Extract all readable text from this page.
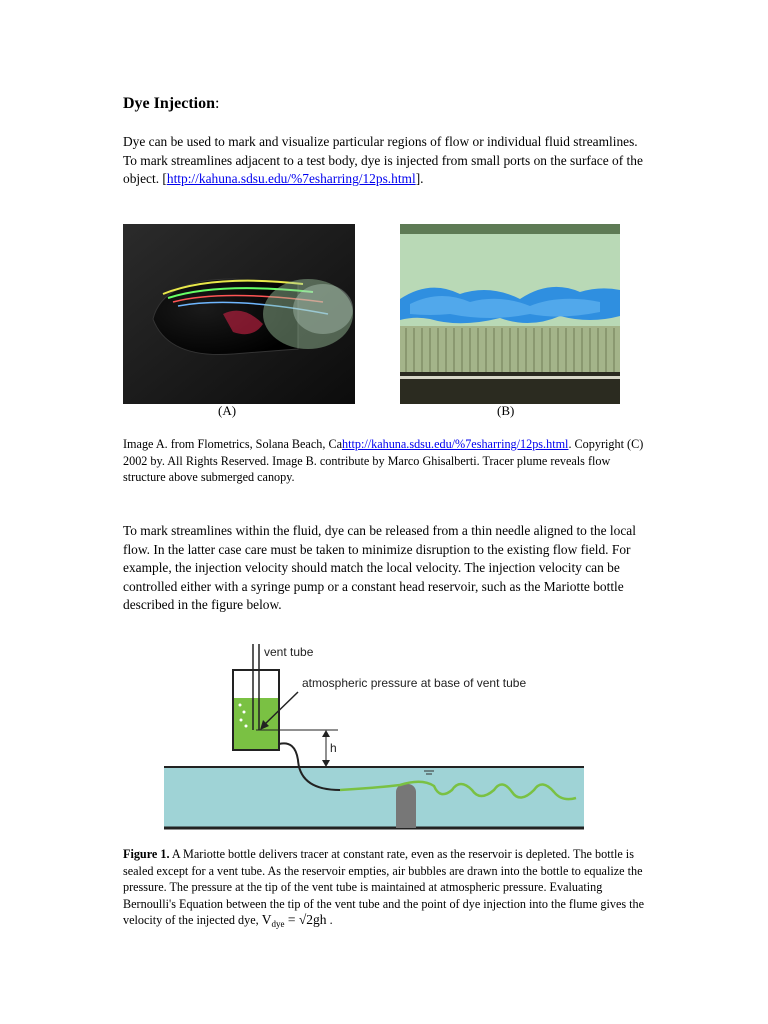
Dye Injection:
Dye can be used to mark and visualize particular regions of flow or individual fluid streamlines. To mark streamlines adjacent to a test body, dye is injected from small ports on the surface of the object. [http://kahuna.sdsu.edu/%7esharring/12ps.html].
(A)	(B)
Image A. from Flometrics, Solana Beach, Cahttp://kahuna.sdsu.edu/%7esharring/12ps.html. Copyright (C) 2002 by. All Rights Reserved. Image B. contribute by Marco Ghisalberti. Tracer plume reveals flow structure above submerged canopy.
To mark streamlines within the fluid, dye can be released from a thin needle aligned to the local flow. In the latter case care must be taken to minimize disruption to the existing flow field. For example, the injection velocity should match the local velocity. The injection velocity can be controlled either with a syringe pump or a constant head reservoir, such as the Mariotte bottle described in the figure below.
vent tube
atmospheric pressure at base of vent tube
h
Figure 1. A Mariotte bottle delivers tracer at constant rate, even as the reservoir is depleted. The bottle is sealed except for a vent tube. As the reservoir empties, air bubbles are drawn into the bottle to equalize the pressure. The pressure at the tip of the vent tube is maintained at atmospheric pressure. Evaluating Bernoulli's Equation between the tip of the vent tube and the point of dye injection into the flume gives the velocity of the injected dye, $V_{dye} = √2gh$ .
